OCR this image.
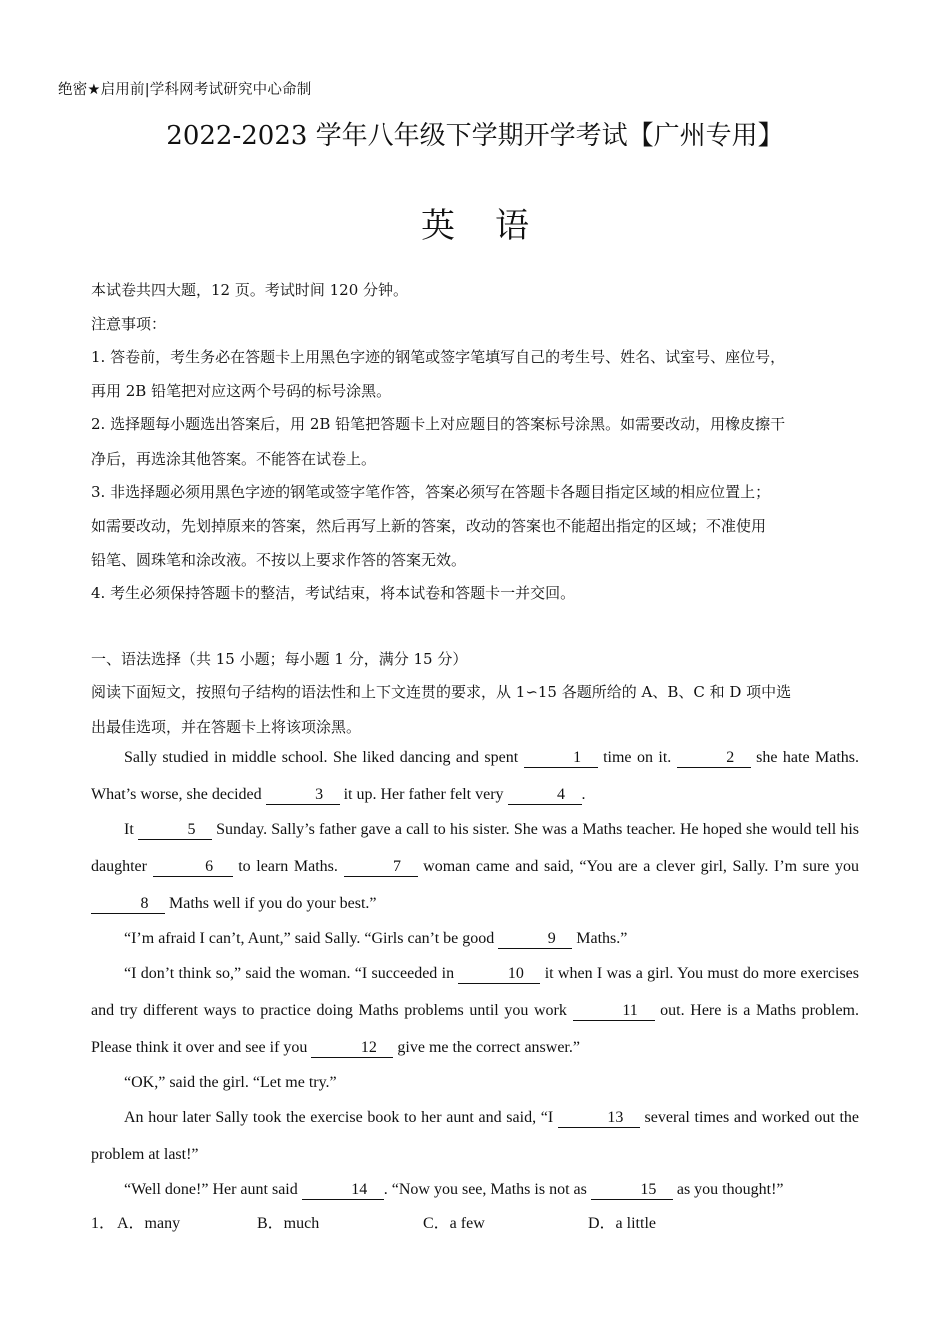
绝密★启用前|学科网考试研究中心命制
2022-2023 学年八年级下学期开学考试【广州专用】
英语
本试卷共四大题，12 页。考试时间 120 分钟。
注意事项：
1. 答卷前，考生务必在答题卡上用黑色字迹的钢笔或签字笔填写自己的考生号、姓名、试室号、座位号，
再用 2B 铅笔把对应这两个号码的标号涂黑。
2. 选择题每小题选出答案后，用 2B 铅笔把答题卡上对应题目的答案标号涂黑。如需要改动，用橡皮擦干
净后，再选涂其他答案。不能答在试卷上。
3. 非选择题必须用黑色字迹的钢笔或签字笔作答，答案必须写在答题卡各题目指定区域的相应位置上；
如需要改动，先划掉原来的答案，然后再写上新的答案，改动的答案也不能超出指定的区域；不准使用
铅笔、圆珠笔和涂改液。不按以上要求作答的答案无效。
4. 考生必须保持答题卡的整洁，考试结束，将本试卷和答题卡一并交回。
一、语法选择（共 15 小题；每小题 1 分，满分 15 分）
阅读下面短文，按照句子结构的语法性和上下文连贯的要求，从 1∽15 各题所给的 A、B、C 和 D 项中选
出最佳选项，并在答题卡上将该项涂黑。
Sally studied in middle school. She liked dancing and spent	1 time on it.	2 she hate Maths. What’s worse, she decided	3 it up. Her father felt very	4 .
It	5 Sunday. Sally’s father gave a call to his sister. She was a Maths teacher. He hoped she would tell his daughter	6 to learn Maths.	7 woman came and said, “You are a clever girl, Sally. I’m sure you 8 Maths well if you do your best.”
“I’m afraid I can’t, Aunt,” said Sally. “Girls can’t be good	9 Maths.”
“I don’t think so,” said the woman. “I succeeded in	10 it when I was a girl. You must do more exercises and try different ways to practice doing Maths problems until you work	11 out. Here is a Maths problem. Please think it over and see if you	12 give me the correct answer.”
“OK,” said the girl. “Let me try.”
An hour later Sally took the exercise book to her aunt and said, “I	13 several times and worked out the problem at last!”
“Well done!” Her aunt said	14 . “Now you see, Maths is not as	15 as you thought!”
1． A．many	B．much	C．a few	D．a little
